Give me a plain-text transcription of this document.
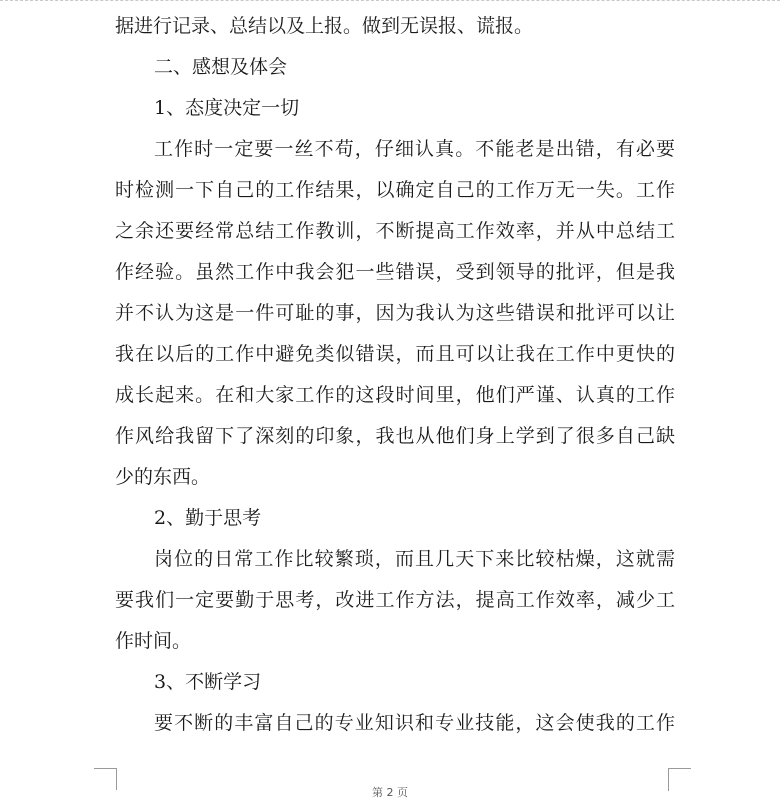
据进行记录、总结以及上报。做到无误报、谎报。
二、感想及体会
1、态度决定一切
工作时一定要一丝不苟，仔细认真。不能老是出错，有必要
时检测一下自己的工作结果，以确定自己的工作万无一失。工作
之余还要经常总结工作教训，不断提高工作效率，并从中总结工
作经验。虽然工作中我会犯一些错误，受到领导的批评，但是我
并不认为这是一件可耻的事，因为我认为这些错误和批评可以让
我在以后的工作中避免类似错误，而且可以让我在工作中更快的
成长起来。在和大家工作的这段时间里，他们严谨、认真的工作
作风给我留下了深刻的印象，我也从他们身上学到了很多自己缺
少的东西。
2、勤于思考
岗位的日常工作比较繁琐，而且几天下来比较枯燥，这就需
要我们一定要勤于思考，改进工作方法，提高工作效率，减少工
作时间。
3、不断学习
要不断的丰富自己的专业知识和专业技能，这会使我的工作
第 2 页
